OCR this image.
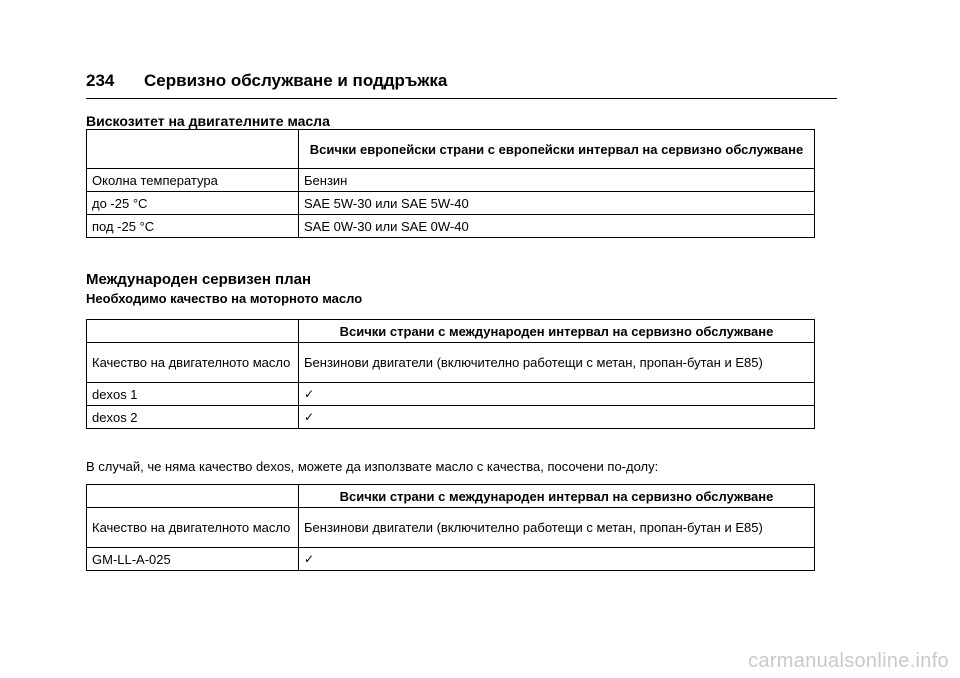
234 Сервизно обслужване и поддръжка
Вискозитет на двигателните масла
	Всички европейски страни с европейски интервал на сервизно обслужване
Околна температура	Бензин
до -25 °C	SAE 5W-30 или SAE 5W-40
под -25 °C	SAE 0W-30 или SAE 0W-40
Международен сервизен план
Необходимо качество на моторното масло
	Всички страни с международен интервал на сервизно обслужване
Качество на двигателното масло	Бензинови двигатели (включително работещи с метан, пропан-бутан и E85)
dexos 1	✓
dexos 2	✓
В случай, че няма качество dexos, можете да използвате масло с качества, посочени по-долу:
	Всички страни с международен интервал на сервизно обслужване
Качество на двигателното масло	Бензинови двигатели (включително работещи с метан, пропан-бутан и E85)
GM-LL-A-025	✓
carmanualsonline.info
